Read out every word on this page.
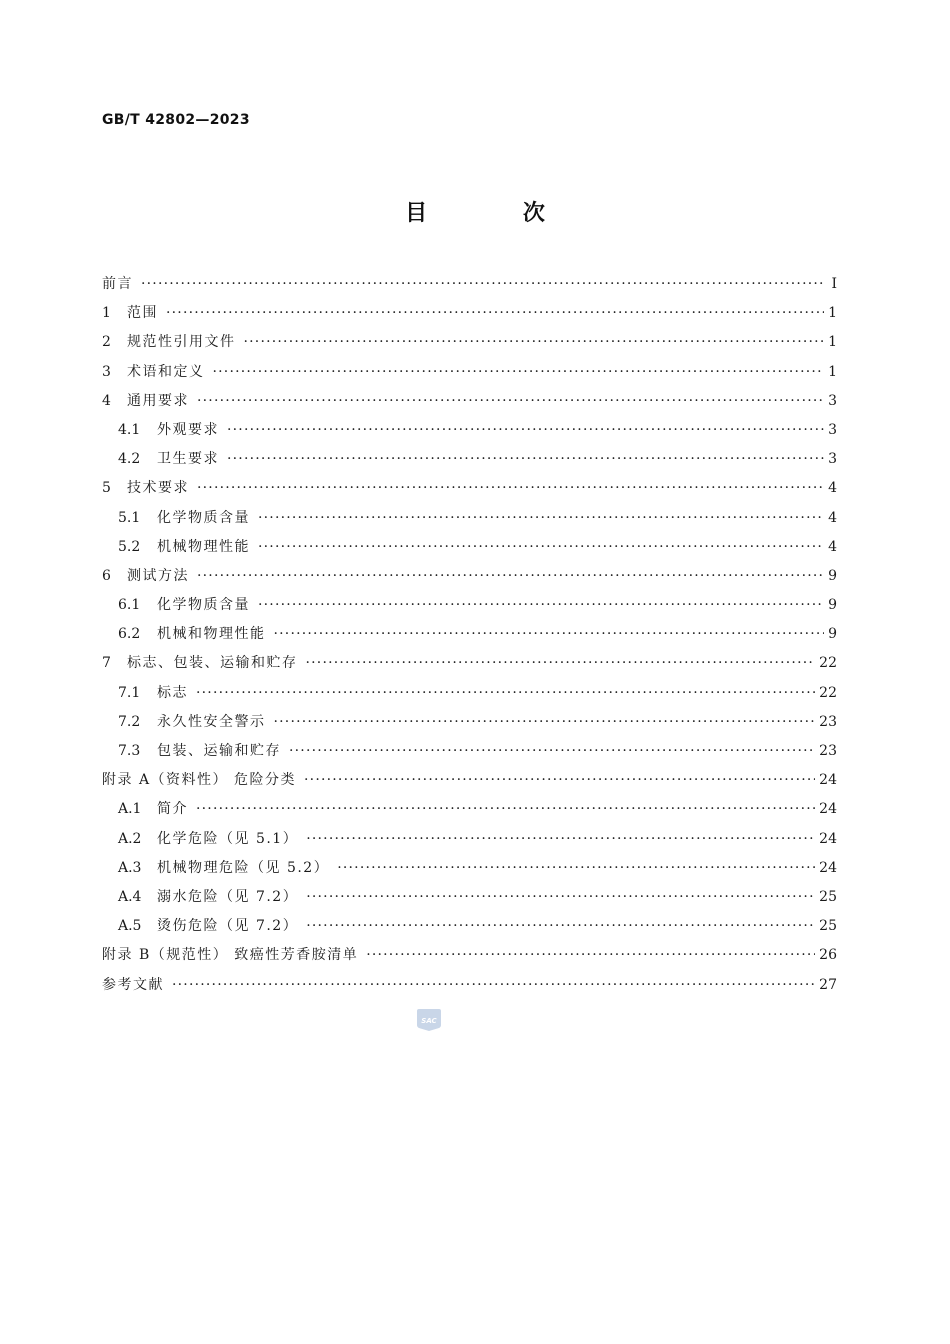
GB/T 42802—2023
目 次
前言 ·····	Ⅰ
1	范围 ·····	1
2	规范性引用文件 ·····	1
3	术语和定义 ·····	1
4	通用要求 ·····	3
4.1	外观要求 ·····	3
4.2	卫生要求 ·····	3
5	技术要求 ·····	4
5.1	化学物质含量 ·····	4
5.2	机械物理性能 ·····	4
6	测试方法 ·····	9
6.1	化学物质含量 ·····	9
6.2	机械和物理性能 ·····	9
7	标志、包装、运输和贮存 ·····	22
7.1	标志 ·····	22
7.2	永久性安全警示 ·····	23
7.3	包装、运输和贮存 ·····	23
附录 A（资料性） 危险分类 ·····	24
A.1	简介 ·····	24
A.2	化学危险（见 5.1） ·····	24
A.3	机械物理危险（见 5.2） ·····	24
A.4	溺水危险（见 7.2） ·····	25
A.5	烫伤危险（见 7.2） ·····	25
附录 B（规范性） 致癌性芳香胺清单 ·····	26
参考文献 ·····	27
SAC
